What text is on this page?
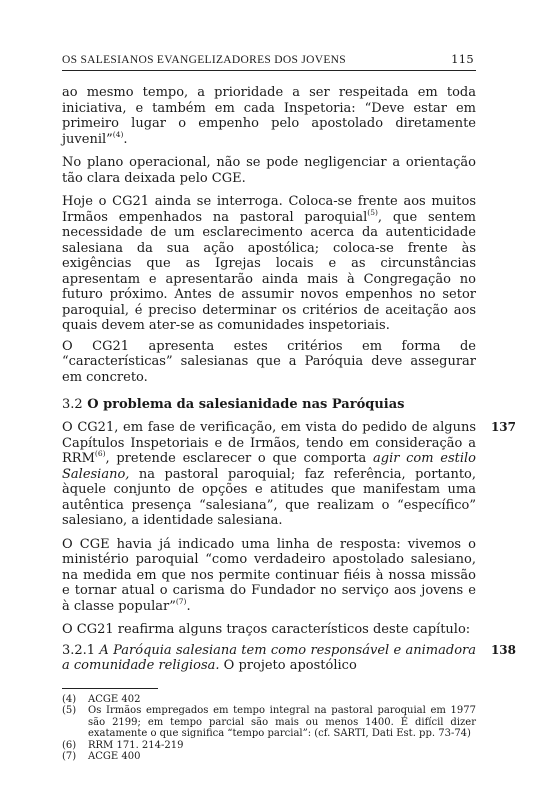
OS SALESIANOS EVANGELIZADORES DOS JOVENS	115

ao mesmo tempo, a prioridade a ser respeitada em toda iniciativa, e também em cada Inspetoria: “Deve estar em primeiro lugar o empenho pelo apostolado diretamente juvenil”$^{(4)}$.

No plano operacional, não se pode negligenciar a orientação tão clara deixada pelo CGE.

Hoje o CG21 ainda se interroga. Coloca-se frente aos muitos Irmãos empenhados na pastoral paroquial$^{(5)}$, que sentem necessidade de um esclarecimento acerca da autenticidade salesiana da sua ação apostólica; coloca-se frente às exigências que as Igrejas locais e as circunstâncias apresentam e apresentarão ainda mais à Congregação no futuro próximo. Antes de assumir novos empenhos no setor paroquial, é preciso determinar os critérios de aceitação aos quais devem ater-se as comunidades inspetoriais.

O CG21 apresenta estes critérios em forma de “características” salesianas que a Paróquia deve assegurar em concreto.

3.2 O problema da salesianidade nas Paróquias

137
O CG21, em fase de verificação, em vista do pedido de alguns Capítulos Inspetoriais e de Irmãos, tendo em consideração a RRM$^{(6)}$, pretende esclarecer o que comporta agir com estilo Salesiano, na pastoral paroquial; faz referência, portanto, àquele conjunto de opções e atitudes que manifestam uma autêntica presença “salesiana”, que realizam o “específico” salesiano, a identidade salesiana.

O CGE havia já indicado uma linha de resposta: vivemos o ministério paroquial “como verdadeiro apostolado salesiano, na medida em que nos permite continuar fiéis à nossa missão e tornar atual o carisma do Fundador no serviço aos jovens e à classe popular”$^{(7)}$.

O CG21 reafirma alguns traços característicos deste capítulo:

138
3.2.1 A Paróquia salesiana tem como responsável e animadora a comunidade religiosa. O projeto apostólico

(4)	ACGE 402
(5)	Os Irmãos empregados em tempo integral na pastoral paroquial em 1977 são 2199; em tempo parcial são mais ou menos 1400. É difícil dizer exatamente o que significa “tempo parcial”: (cf. SARTI, Dati Est. pp. 73-74)
(6)	RRM 171. 214-219
(7)	ACGE 400
